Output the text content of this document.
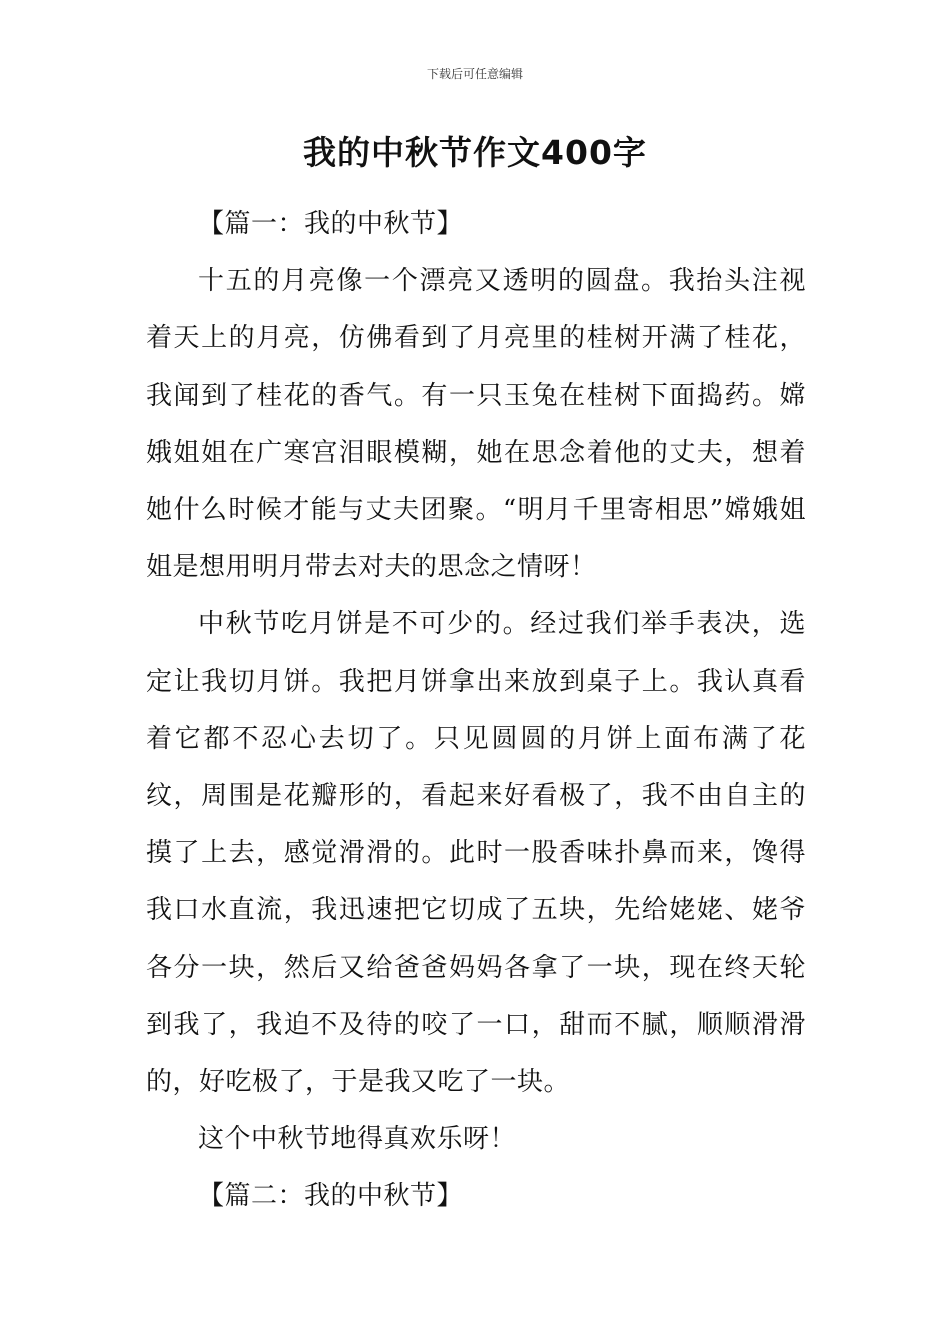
下载后可任意编辑
我的中秋节作文400字

【篇一：我的中秋节】

十五的月亮像一个漂亮又透明的圆盘。我抬头注视着天上的月亮，仿佛看到了月亮里的桂树开满了桂花，我闻到了桂花的香气。有一只玉兔在桂树下面捣药。嫦娥姐姐在广寒宫泪眼模糊，她在思念着他的丈夫，想着她什么时候才能与丈夫团聚。“明月千里寄相思”嫦娥姐姐是想用明月带去对夫的思念之情呀！

中秋节吃月饼是不可少的。经过我们举手表决，选定让我切月饼。我把月饼拿出来放到桌子上。我认真看着它都不忍心去切了。只见圆圆的月饼上面布满了花纹，周围是花瓣形的，看起来好看极了，我不由自主的摸了上去，感觉滑滑的。此时一股香味扑鼻而来，馋得我口水直流，我迅速把它切成了五块，先给姥姥、姥爷各分一块，然后又给爸爸妈妈各拿了一块，现在终天轮到我了，我迫不及待的咬了一口，甜而不腻，顺顺滑滑的，好吃极了，于是我又吃了一块。

这个中秋节地得真欢乐呀！

【篇二：我的中秋节】
